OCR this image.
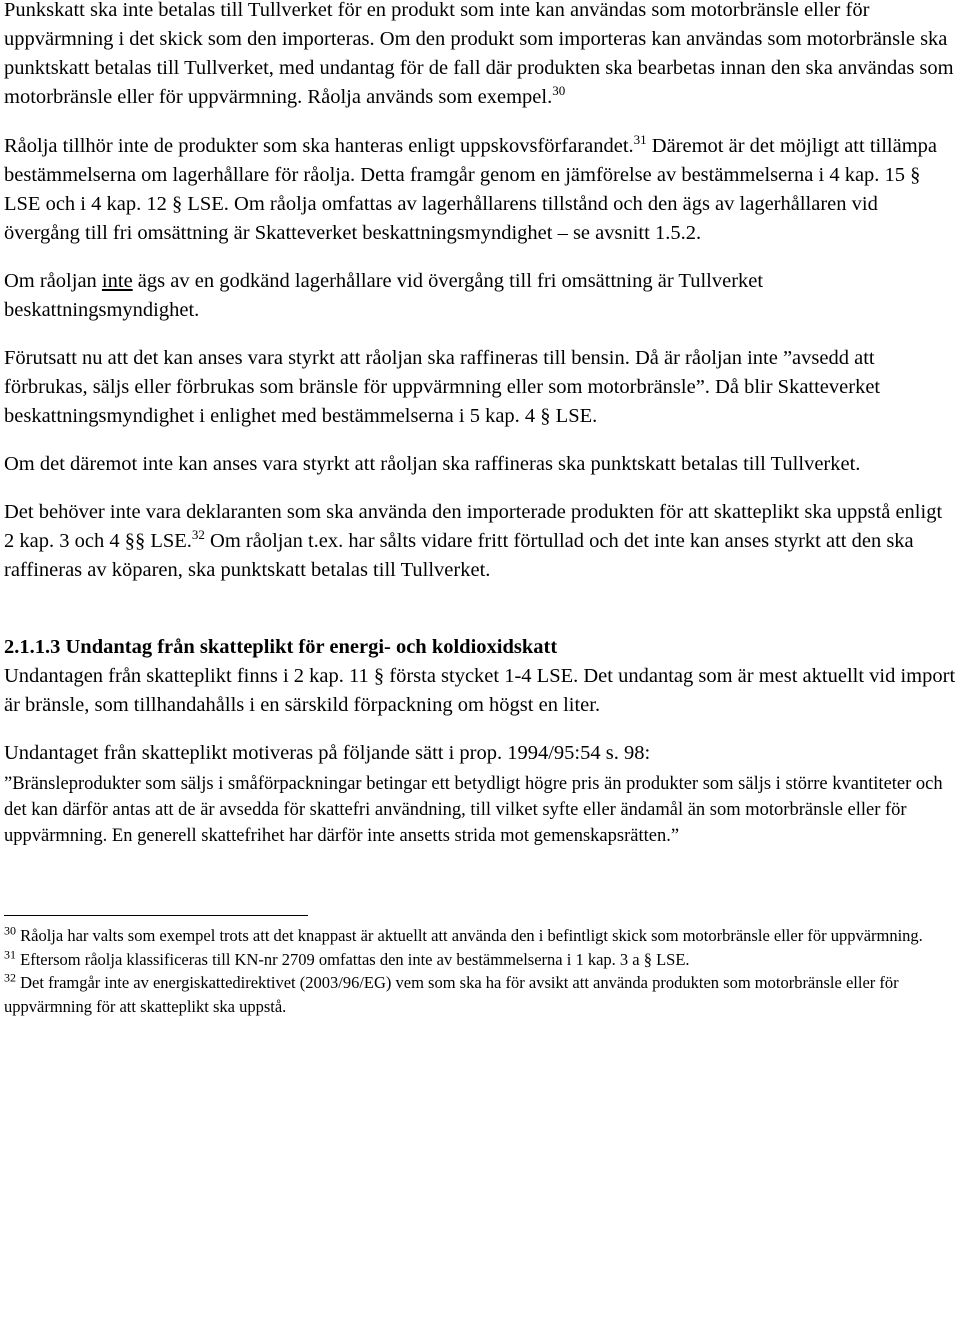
Punkskatt ska inte betalas till Tullverket för en produkt som inte kan användas som motorbränsle eller för uppvärmning i det skick som den importeras. Om den produkt som importeras kan användas som motorbränsle ska punktskatt betalas till Tullverket, med undantag för de fall där produkten ska bearbetas innan den ska användas som motorbränsle eller för uppvärmning. Råolja används som exempel.$^{30}$

Råolja tillhör inte de produkter som ska hanteras enligt uppskovsförfarandet.$^{31}$ Däremot är det möjligt att tillämpa bestämmelserna om lagerhållare för råolja. Detta framgår genom en jämförelse av bestämmelserna i 4 kap. 15 § LSE och i 4 kap. 12 § LSE. Om råolja omfattas av lagerhållarens tillstånd och den ägs av lagerhållaren vid övergång till fri omsättning är Skatteverket beskattningsmyndighet – se avsnitt 1.5.2.

Om råoljan inte ägs av en godkänd lagerhållare vid övergång till fri omsättning är Tullverket beskattningsmyndighet.

Förutsatt nu att det kan anses vara styrkt att råoljan ska raffineras till bensin. Då är råoljan inte ”avsedd att förbrukas, säljs eller förbrukas som bränsle för uppvärmning eller som motorbränsle”. Då blir Skatteverket beskattningsmyndighet i enlighet med bestämmelserna i 5 kap. 4 § LSE.

Om det däremot inte kan anses vara styrkt att råoljan ska raffineras ska punktskatt betalas till Tullverket.

Det behöver inte vara deklaranten som ska använda den importerade produkten för att skatteplikt ska uppstå enligt 2 kap. 3 och 4 §§ LSE.$^{32}$ Om råoljan t.ex. har sålts vidare fritt förtullad och det inte kan anses styrkt att den ska raffineras av köparen, ska punktskatt betalas till Tullverket.

2.1.1.3 Undantag från skatteplikt för energi- och koldioxidskatt

Undantagen från skatteplikt finns i 2 kap. 11 § första stycket 1-4 LSE. Det undantag som är mest aktuellt vid import är bränsle, som tillhandahålls i en särskild förpackning om högst en liter.

Undantaget från skatteplikt motiveras på följande sätt i prop. 1994/95:54 s. 98:

”Bränsleprodukter som säljs i småförpackningar betingar ett betydligt högre pris än produkter som säljs i större kvantiteter och det kan därför antas att de är avsedda för skattefri användning, till vilket syfte eller ändamål än som motorbränsle eller för uppvärmning. En generell skattefrihet har därför inte ansetts strida mot gemenskapsrätten.”

$^{30}$ Råolja har valts som exempel trots att det knappast är aktuellt att använda den i befintligt skick som motorbränsle eller för uppvärmning.

$^{31}$ Eftersom råolja klassificeras till KN-nr 2709 omfattas den inte av bestämmelserna i 1 kap. 3 a § LSE.

$^{32}$ Det framgår inte av energiskattedirektivet (2003/96/EG) vem som ska ha för avsikt att använda produkten som motorbränsle eller för uppvärmning för att skatteplikt ska uppstå.
